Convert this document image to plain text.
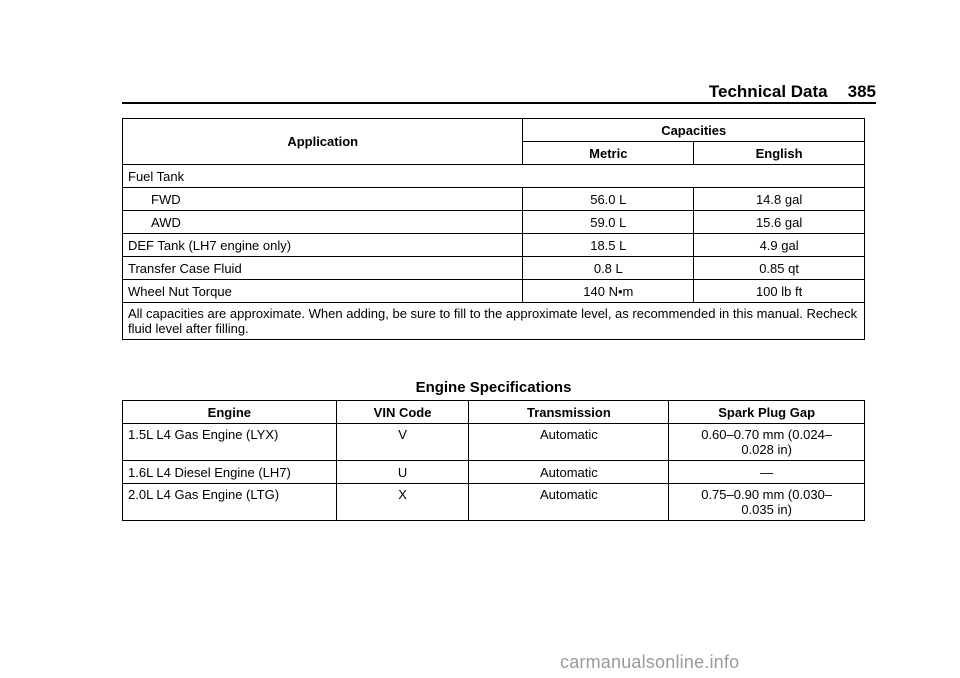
Technical Data 385
Application	Capacities	
	Metric	English
Fuel Tank		
FWD	56.0 L	14.8 gal
AWD	59.0 L	15.6 gal
DEF Tank (LH7 engine only)	18.5 L	4.9 gal
Transfer Case Fluid	0.8 L	0.85 qt
Wheel Nut Torque	140 N•m	100 lb ft
All capacities are approximate. When adding, be sure to fill to the approximate level, as recommended in this manual. Recheck fluid level after filling.		
Engine Specifications
Engine	VIN Code	Transmission	Spark Plug Gap
1.5L L4 Gas Engine (LYX)	V	Automatic	0.60–0.70 mm (0.024–
0.028 in)

1.6L L4 Diesel Engine (LH7)	U	Automatic	—
2.0L L4 Gas Engine (LTG)	X	Automatic	0.75–0.90 mm (0.030–
0.035 in)
carmanualsonline.info
